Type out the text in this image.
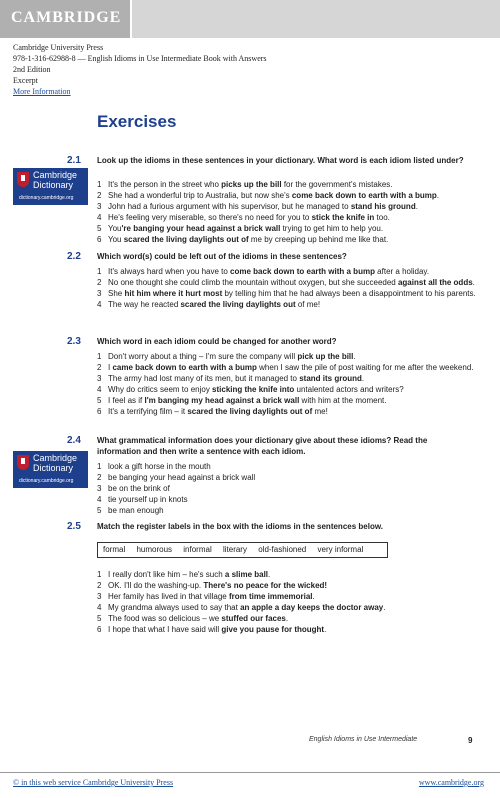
CAMBRIDGE
Cambridge University Press
978-1-316-62988-8 — English Idioms in Use Intermediate Book with Answers
2nd Edition
Excerpt
More Information
Exercises
2.1 Look up the idioms in these sentences in your dictionary. What word is each idiom listed under?
Cambridge
Dictionary
dictionary.cambridge.org
1 It's the person in the street who picks up the bill for the government's mistakes.
2 She had a wonderful trip to Australia, but now she's come back down to earth with a bump.
3 John had a furious argument with his supervisor, but he managed to stand his ground.
4 He's feeling very miserable, so there's no need for you to stick the knife in too.
5 You're banging your head against a brick wall trying to get him to help you.
6 You scared the living daylights out of me by creeping up behind me like that.
2.2 Which word(s) could be left out of the idioms in these sentences?
1 It's always hard when you have to come back down to earth with a bump after a holiday.
2 No one thought she could climb the mountain without oxygen, but she succeeded against all the odds.
3 She hit him where it hurt most by telling him that he had always been a disappointment to his parents.
4 The way he reacted scared the living daylights out of me!
2.3 Which word in each idiom could be changed for another word?
1 Don't worry about a thing – I'm sure the company will pick up the bill.
2 I came back down to earth with a bump when I saw the pile of post waiting for me after the weekend.
3 The army had lost many of its men, but it managed to stand its ground.
4 Why do critics seem to enjoy sticking the knife into untalented actors and writers?
5 I feel as if I'm banging my head against a brick wall with him at the moment.
6 It's a terrifying film – it scared the living daylights out of me!
2.4 What grammatical information does your dictionary give about these idioms? Read the information and then write a sentence with each idiom.
Cambridge
Dictionary
dictionary.cambridge.org
1 look a gift horse in the mouth
2 be banging your head against a brick wall
3 be on the brink of
4 tie yourself up in knots
5 be man enough
2.5 Match the register labels in the box with the idioms in the sentences below.
formal humorous informal literary old-fashioned very informal
1 I really don't like him – he's such a slime ball.
2 OK. I'll do the washing-up. There's no peace for the wicked!
3 Her family has lived in that village from time immemorial.
4 My grandma always used to say that an apple a day keeps the doctor away.
5 The food was so delicious – we stuffed our faces.
6 I hope that what I have said will give you pause for thought.
English Idioms in Use Intermediate	9
© in this web service Cambridge University Press	www.cambridge.org
